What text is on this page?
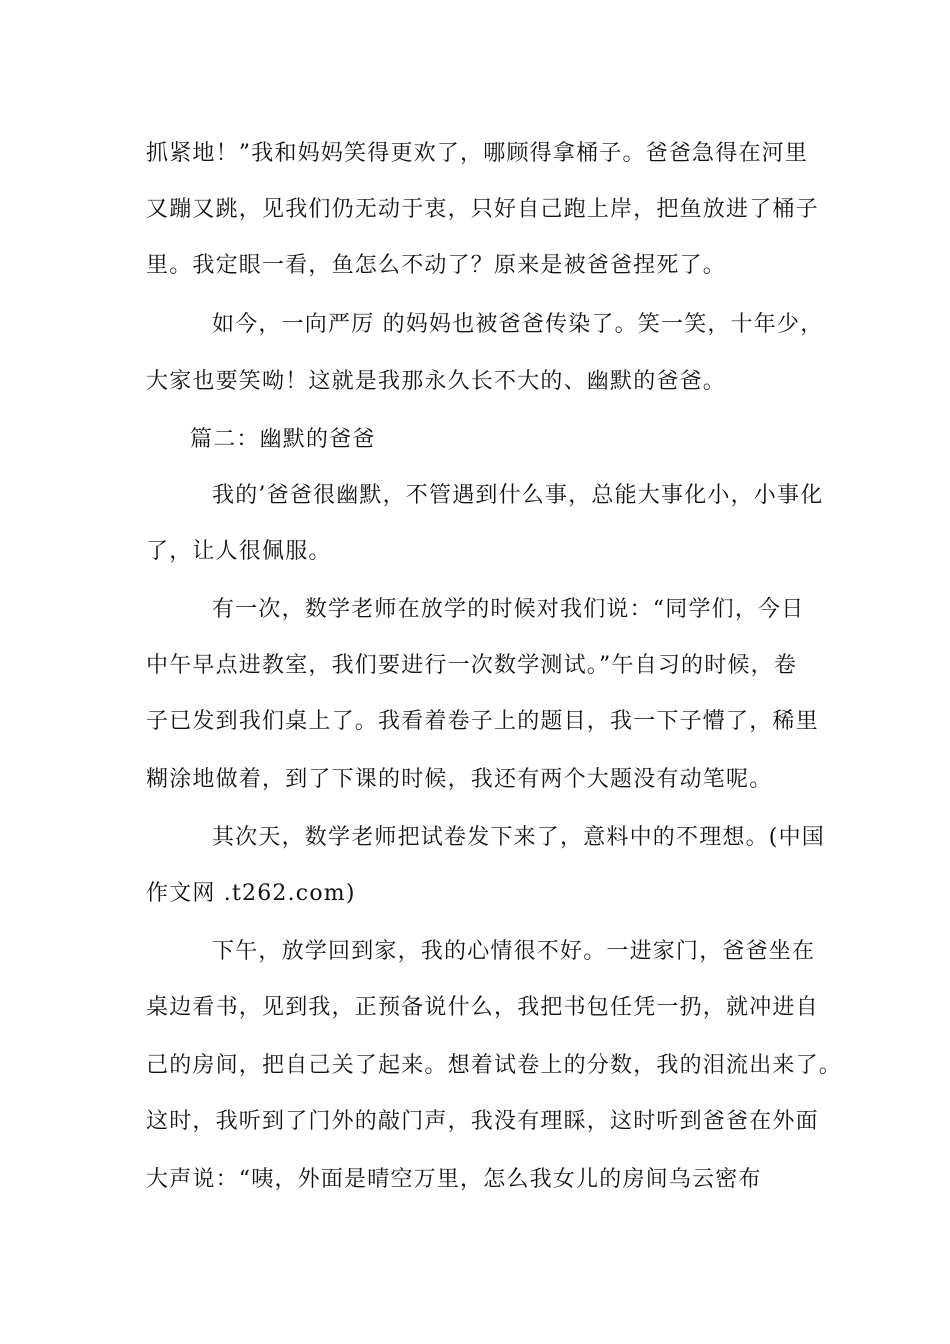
抓紧地！”我和妈妈笑得更欢了，哪顾得拿桶子。爸爸急得在河里
又蹦又跳，见我们仍无动于衷，只好自己跑上岸，把鱼放进了桶子
里。我定眼一看，鱼怎么不动了？原来是被爸爸捏死了。
如今，一向严厉 的妈妈也被爸爸传染了。笑一笑，十年少，
大家也要笑呦！这就是我那永久长不大的、幽默的爸爸。
篇二：幽默的爸爸
我的’爸爸很幽默，不管遇到什么事，总能大事化小，小事化
了，让人很佩服。
有一次，数学老师在放学的时候对我们说：“同学们，今日
中午早点进教室，我们要进行一次数学测试。”午自习的时候，卷
子已发到我们桌上了。我看着卷子上的题目，我一下子懵了，稀里
糊涂地做着，到了下课的时候，我还有两个大题没有动笔呢。
其次天，数学老师把试卷发下来了，意料中的不理想。(中国
作文网 .t262.com)
下午，放学回到家，我的心情很不好。一进家门，爸爸坐在
桌边看书，见到我，正预备说什么，我把书包任凭一扔，就冲进自
己的房间，把自己关了起来。想着试卷上的分数，我的泪流出来了。
这时，我听到了门外的敲门声，我没有理睬，这时听到爸爸在外面
大声说：“咦，外面是晴空万里，怎么我女儿的房间乌云密布
